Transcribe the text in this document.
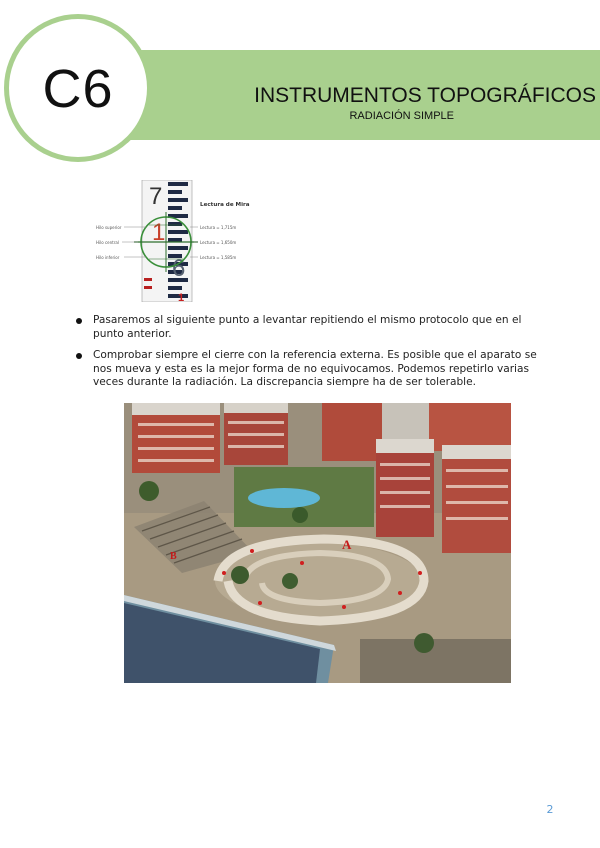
C6	INSTRUMENTOS TOPOGRÁFICOS
RADIACIÓN SIMPLE
7
1
6
1
Lectura de Mira
Hilo superior
Hilo central
Hilo inferior
Lectura = 1,715m
Lectura = 1,650m
Lectura = 1,585m
Pasaremos al siguiente punto a levantar repitiendo el mismo protocolo que en el punto anterior.
Comprobar siempre el cierre con la referencia externa. Es posible que el aparato se nos mueva y esta es la mejor forma de no equivocamos. Podemos repetirlo varias veces durante la radiación. La discrepancia siempre ha de ser tolerable.
A
B
2
